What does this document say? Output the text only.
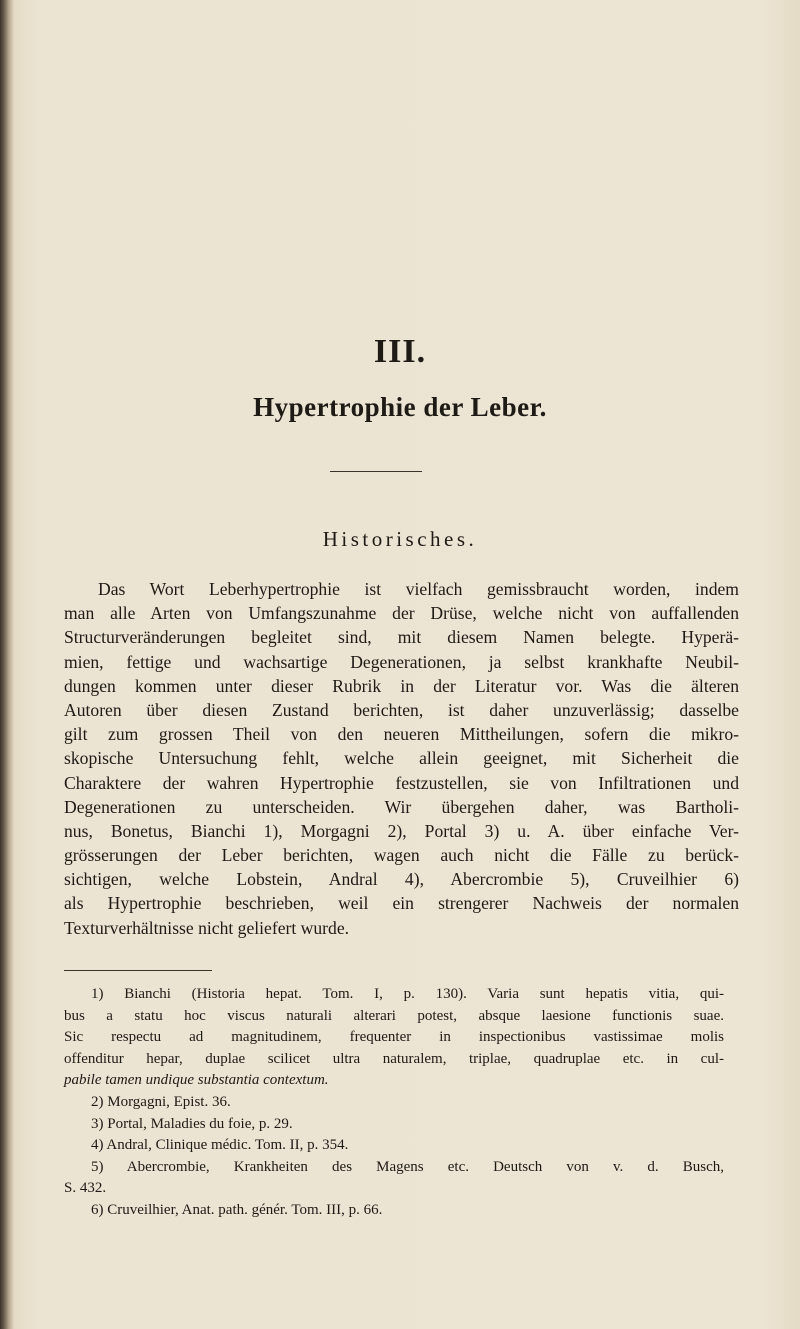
III.
Hypertrophie der Leber.
Historisches.
Das Wort Leberhypertrophie ist vielfach gemissbraucht worden, indem
man alle Arten von Umfangszunahme der Drüse, welche nicht von auffallenden
Structurveränderungen begleitet sind, mit diesem Namen belegte. Hyperä-
mien, fettige und wachsartige Degenerationen, ja selbst krankhafte Neubil-
dungen kommen unter dieser Rubrik in der Literatur vor. Was die älteren
Autoren über diesen Zustand berichten, ist daher unzuverlässig; dasselbe
gilt zum grossen Theil von den neueren Mittheilungen, sofern die mikro-
skopische Untersuchung fehlt, welche allein geeignet, mit Sicherheit die
Charaktere der wahren Hypertrophie festzustellen, sie von Infiltrationen und
Degenerationen zu unterscheiden. Wir übergehen daher, was Bartholi-
nus, Bonetus, Bianchi 1), Morgagni 2), Portal 3) u. A. über einfache Ver-
grösserungen der Leber berichten, wagen auch nicht die Fälle zu berück-
sichtigen, welche Lobstein, Andral 4), Abercrombie 5), Cruveilhier 6)
als Hypertrophie beschrieben, weil ein strengerer Nachweis der normalen
Texturverhältnisse nicht geliefert wurde.
1) Bianchi (Historia hepat. Tom. I, p. 130). Varia sunt hepatis vitia, qui-
bus a statu hoc viscus naturali alterari potest, absque laesione functionis suae.
Sic respectu ad magnitudinem, frequenter in inspectionibus vastissimae molis
offenditur hepar, duplae scilicet ultra naturalem, triplae, quadruplae etc. in cul-
pabile tamen undique substantia contextum.
2) Morgagni, Epist. 36.
3) Portal, Maladies du foie, p. 29.
4) Andral, Clinique médic. Tom. II, p. 354.
5) Abercrombie, Krankheiten des Magens etc. Deutsch von v. d. Busch,
S. 432.
6) Cruveilhier, Anat. path. génér. Tom. III, p. 66.
